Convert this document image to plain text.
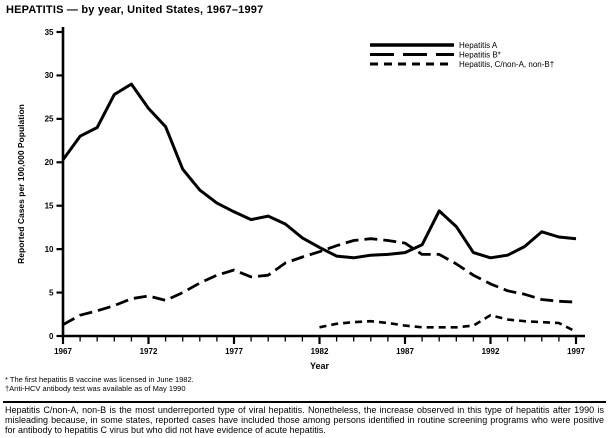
HEPATITIS — by year, United States, 1967–1997
0
5
10
15
20
25
30
35
1967	1972	1977	1982	1987	1992	1997
Year
Reported Cases per 100,000 Population
Hepatitis A
Hepatitis B*
Hepatitis, C/non-A, non-B†
* The first hepatitis B vaccine was licensed in June 1982.
†Anti-HCV antibody test was available as of May 1990
Hepatitis C/non-A, non-B is the most underreported type of viral hepatitis. Nonetheless, the increase observed in this type of hepatitis after 1990 is misleading because, in some states, reported cases have included those among persons identified in routine screening programs who were positive for antibody to hepatitis C virus but who did not have evidence of acute hepatitis.
